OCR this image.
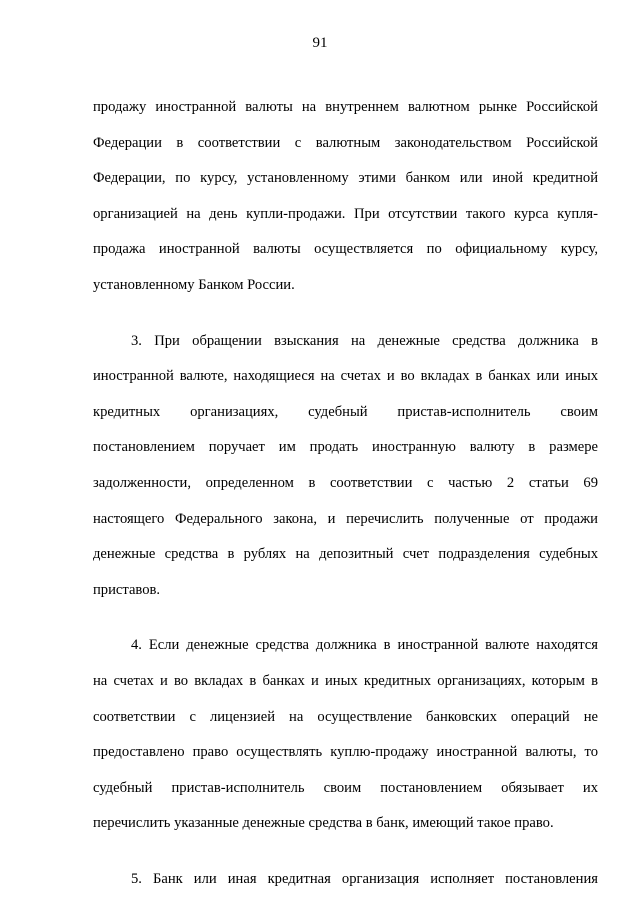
91
продажу иностранной валюты на внутреннем валютном рынке Российской
Федерации в соответствии с валютным законодательством Российской
Федерации, по курсу, установленному этими банком или иной кредитной
организацией на день купли-продажи. При отсутствии такого курса купля-
продажа иностранной валюты осуществляется по официальному курсу,
установленному Банком России.
3. При обращении взыскания на денежные средства должника в
иностранной валюте, находящиеся на счетах и во вкладах в банках или иных
кредитных организациях, судебный пристав-исполнитель своим
постановлением поручает им продать иностранную валюту в размере
задолженности, определенном в соответствии с частью 2 статьи 69
настоящего Федерального закона, и перечислить полученные от продажи
денежные средства в рублях на депозитный счет подразделения судебных
приставов.
4. Если денежные средства должника в иностранной валюте находятся
на счетах и во вкладах в банках и иных кредитных организациях, которым в
соответствии с лицензией на осуществление банковских операций не
предоставлено право осуществлять куплю-продажу иностранной валюты, то
судебный пристав-исполнитель своим постановлением обязывает их
перечислить указанные денежные средства в банк, имеющий такое право.
5. Банк или иная кредитная организация исполняет постановления
